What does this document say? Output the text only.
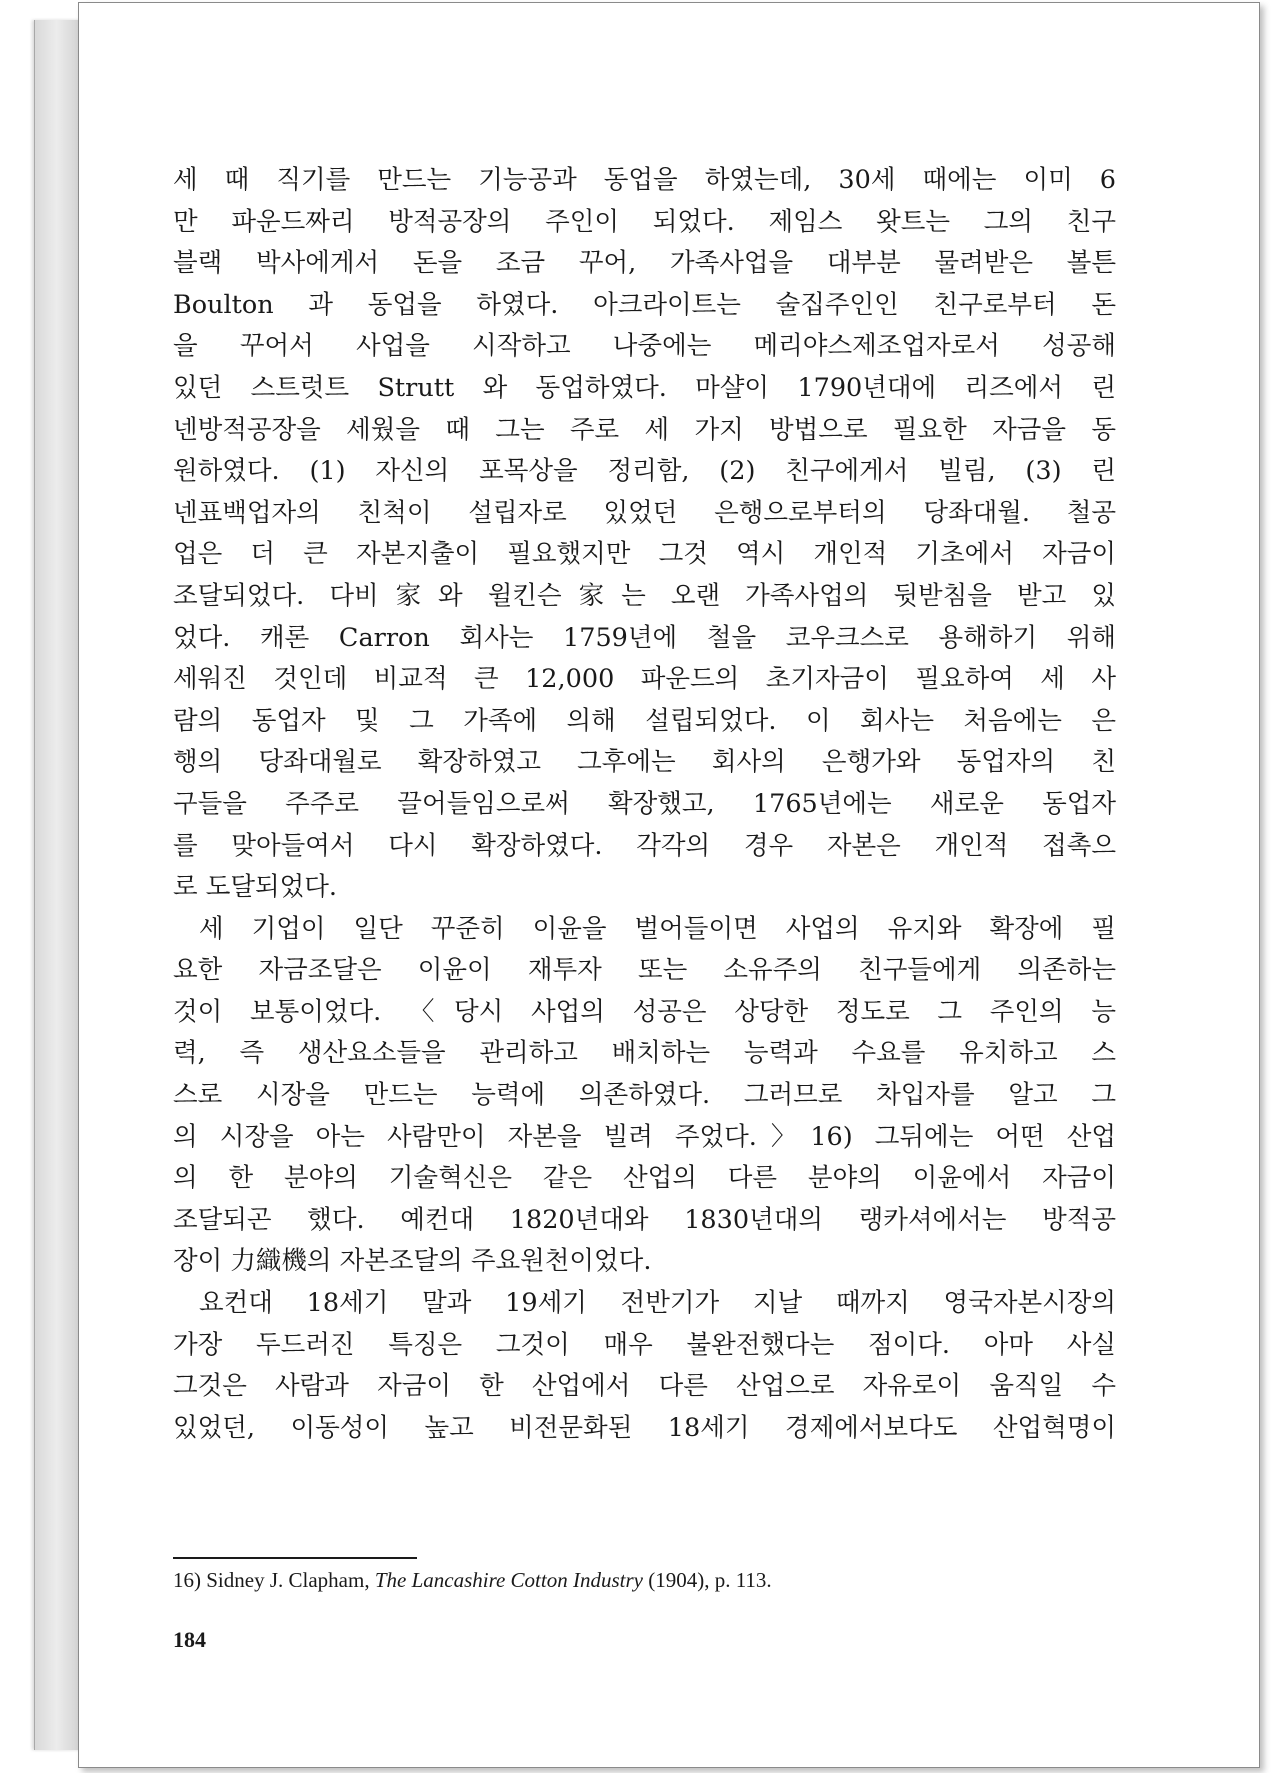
세 때 직기를 만드는 기능공과 동업을 하였는데, 30세 때에는 이미 6
만 파운드짜리 방적공장의 주인이 되었다. 제임스 왓트는 그의 친구
블랙 박사에게서 돈을 조금 꾸어, 가족사업을 대부분 물려받은 볼튼
Boulton 과 동업을 하였다. 아크라이트는 술집주인인 친구로부터 돈
을 꾸어서 사업을 시작하고 나중에는 메리야스제조업자로서 성공해
있던 스트럿트 Strutt 와 동업하였다. 마샬이 1790년대에 리즈에서 린
넨방적공장을 세웠을 때 그는 주로 세 가지 방법으로 필요한 자금을 동
원하였다. (1) 자신의 포목상을 정리함, (2) 친구에게서 빌림, (3) 린
넨표백업자의 친척이 설립자로 있었던 은행으로부터의 당좌대월. 철공
업은 더 큰 자본지출이 필요했지만 그것 역시 개인적 기초에서 자금이
조달되었다. 다비家와 윌킨슨家는 오랜 가족사업의 뒷받침을 받고 있
었다. 캐론 Carron 회사는 1759년에 철을 코우크스로 용해하기 위해
세워진 것인데 비교적 큰 12,000 파운드의 초기자금이 필요하여 세 사
람의 동업자 및 그 가족에 의해 설립되었다. 이 회사는 처음에는 은
행의 당좌대월로 확장하였고 그후에는 회사의 은행가와 동업자의 친
구들을 주주로 끌어들임으로써 확장했고, 1765년에는 새로운 동업자
를 맞아들여서 다시 확장하였다. 각각의 경우 자본은 개인적 접촉으
로 도달되었다.
세 기업이 일단 꾸준히 이윤을 벌어들이면 사업의 유지와 확장에 필
요한 자금조달은 이윤이 재투자 또는 소유주의 친구들에게 의존하는
것이 보통이었다. 〈당시 사업의 성공은 상당한 정도로 그 주인의 능
력, 즉 생산요소들을 관리하고 배치하는 능력과 수요를 유치하고 스
스로 시장을 만드는 능력에 의존하였다. 그러므로 차입자를 알고 그
의 시장을 아는 사람만이 자본을 빌려 주었다.〉16) 그뒤에는 어떤 산업
의 한 분야의 기술혁신은 같은 산업의 다른 분야의 이윤에서 자금이
조달되곤 했다. 예컨대 1820년대와 1830년대의 랭카셔에서는 방적공
장이 力織機의 자본조달의 주요원천이었다.
요컨대 18세기 말과 19세기 전반기가 지날 때까지 영국자본시장의
가장 두드러진 특징은 그것이 매우 불완전했다는 점이다. 아마 사실
그것은 사람과 자금이 한 산업에서 다른 산업으로 자유로이 움직일 수
있었던, 이동성이 높고 비전문화된 18세기 경제에서보다도 산업혁명이
16) Sidney J. Clapham, The Lancashire Cotton Industry (1904), p. 113.
184
